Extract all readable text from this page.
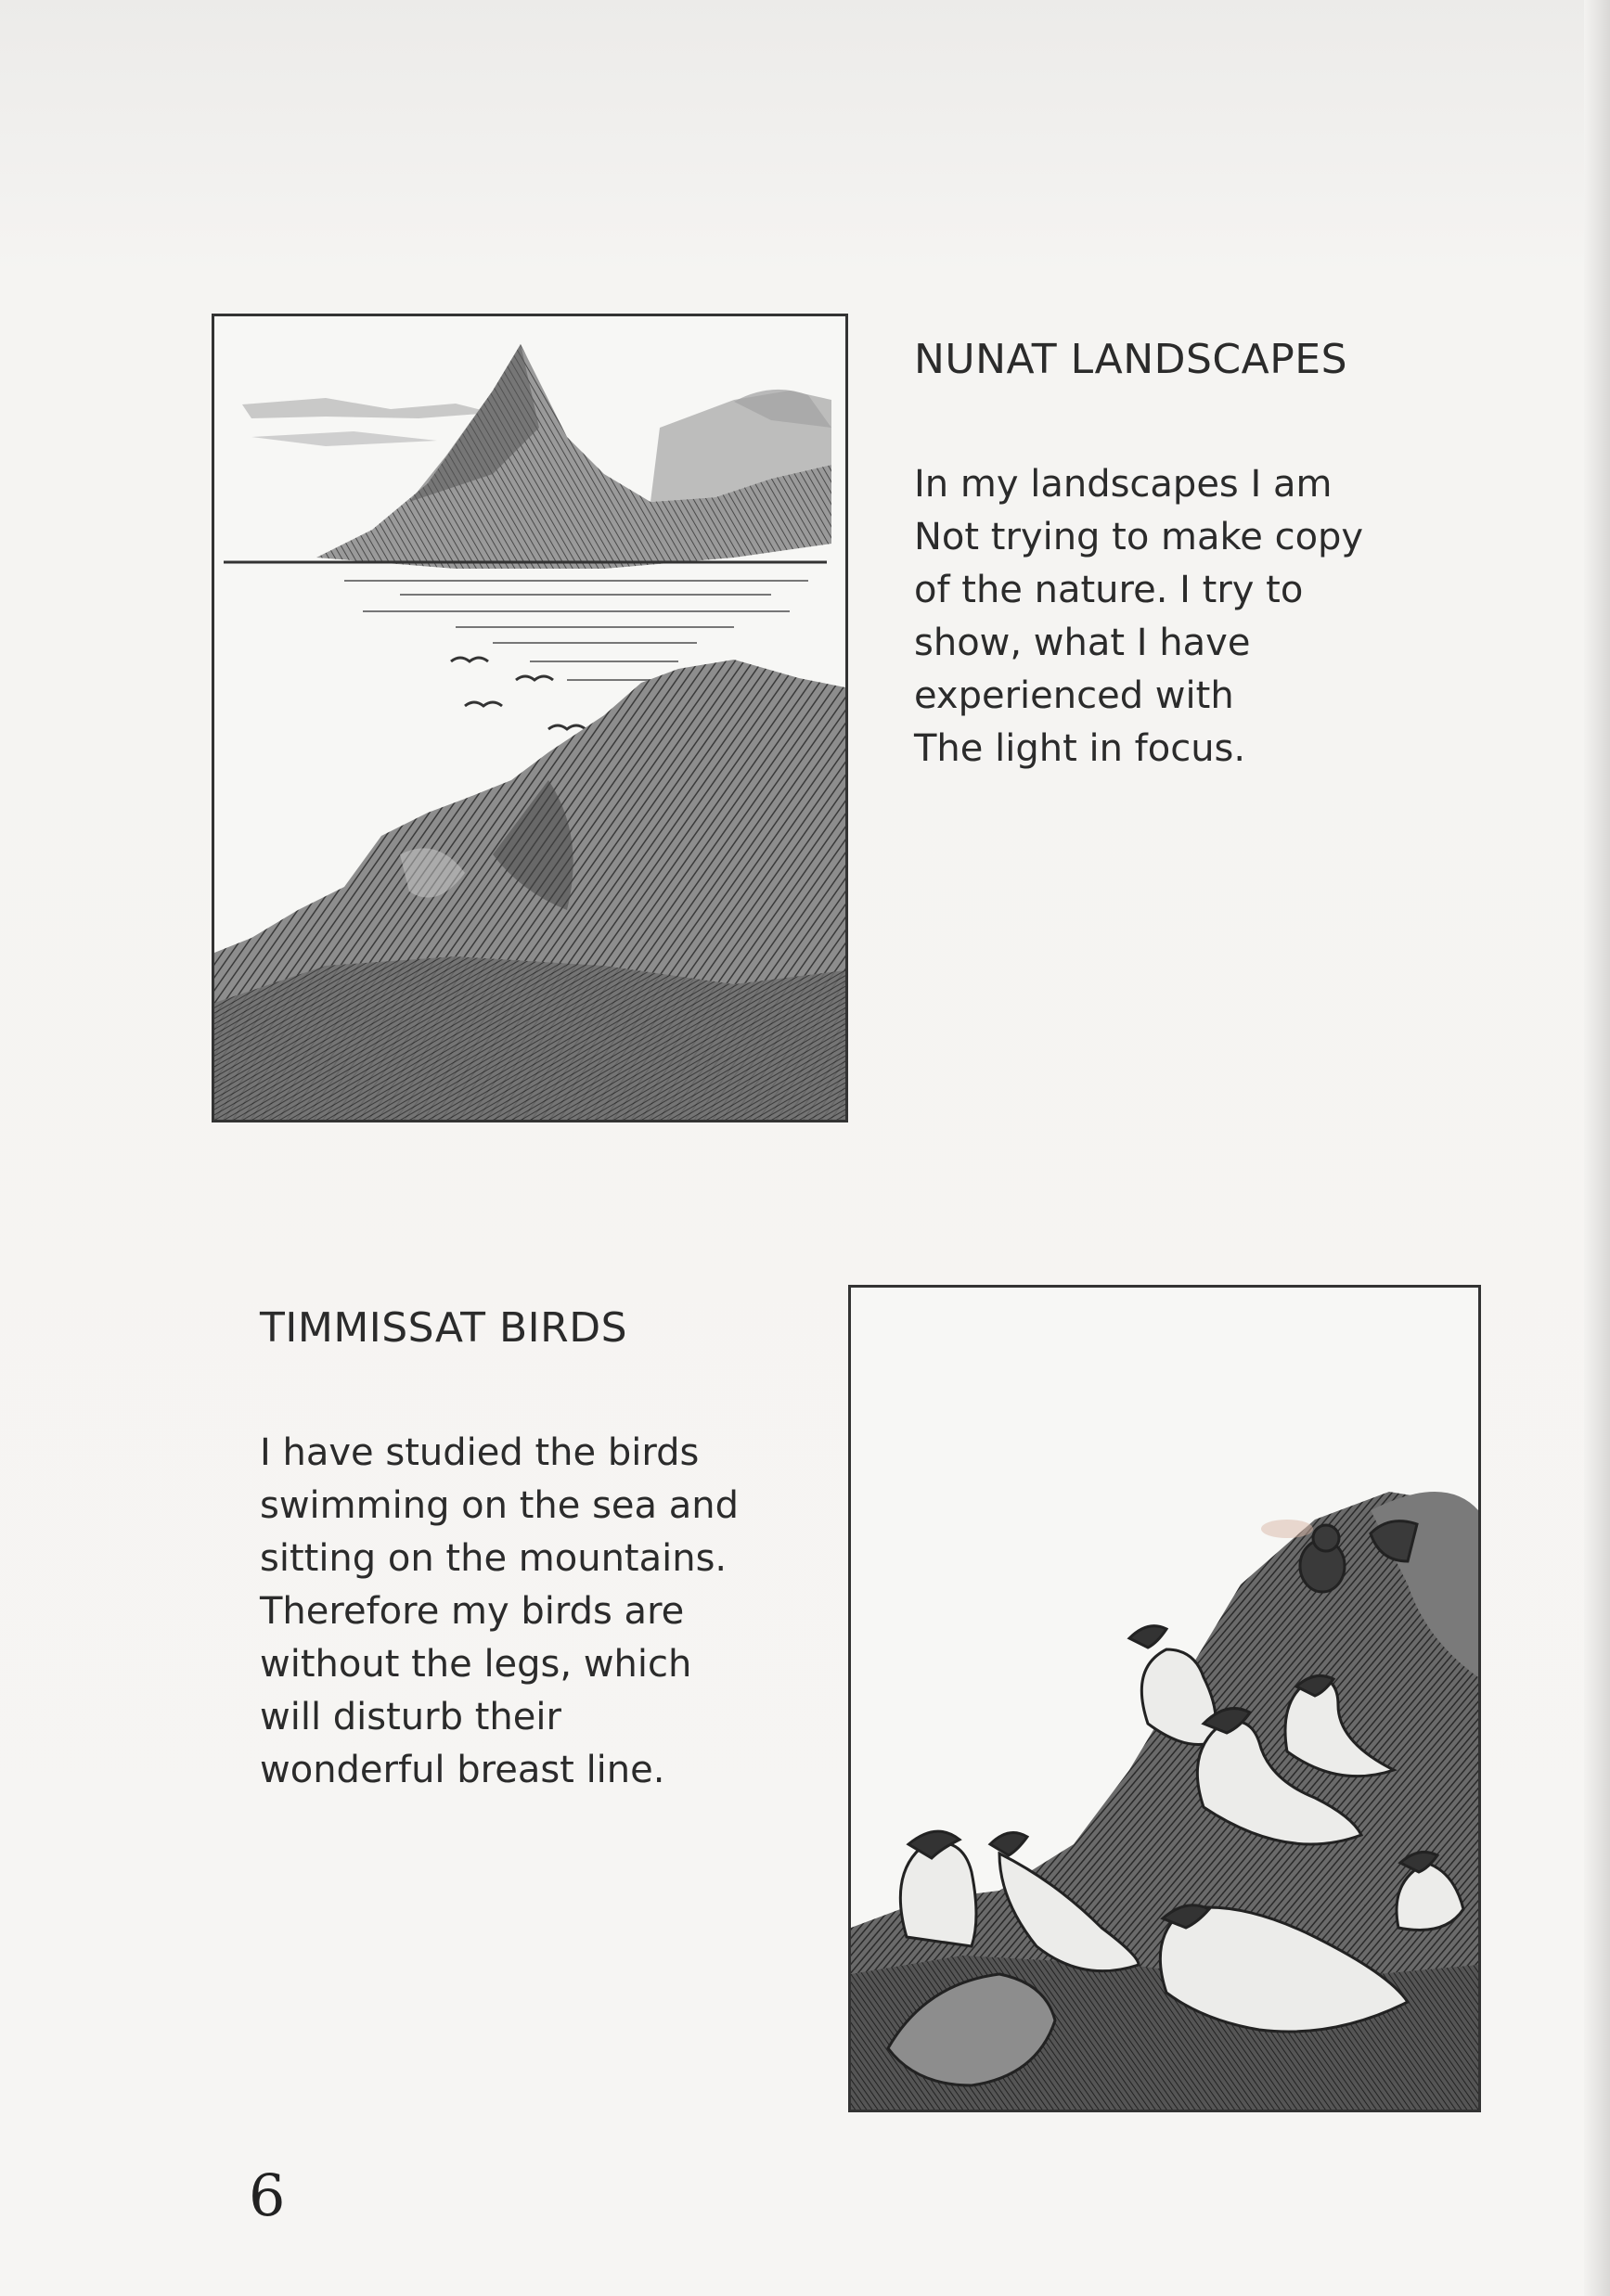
NUNAT LANDSCAPES
In my landscapes I am
Not trying to make copy
of the nature. I try to
show, what I have
experienced with
The light in focus.
TIMMISSAT BIRDS
I have studied the birds
swimming on the sea and
sitting on the mountains.
Therefore my birds are
without the legs, which
will disturb their
wonderful breast line.
6
